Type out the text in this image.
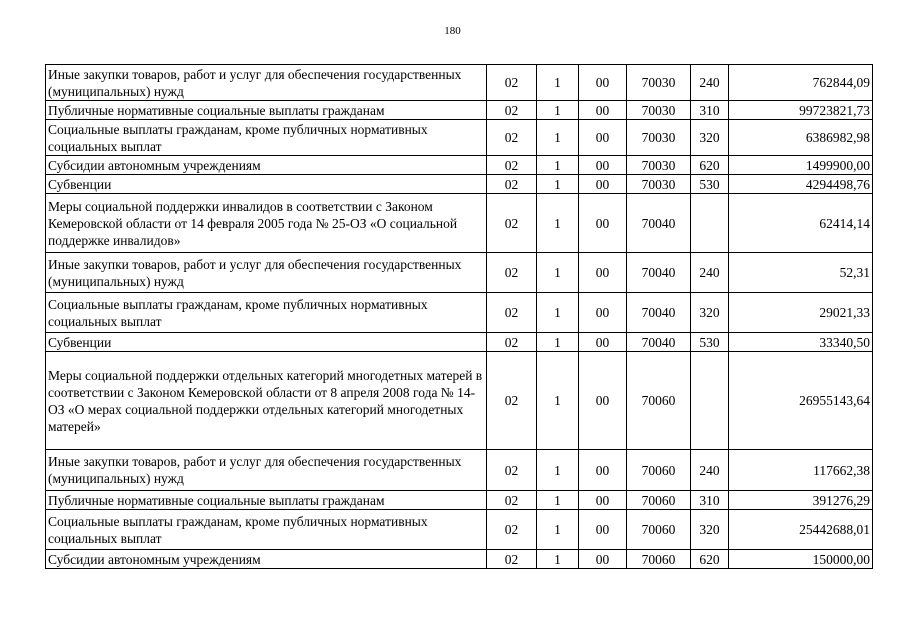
180
Иные закупки товаров, работ и услуг для обеспечения государственных (муниципальных) нужд	02	1	00	70030	240	762844,09
Публичные нормативные социальные выплаты гражданам	02	1	00	70030	310	99723821,73
Социальные выплаты гражданам, кроме публичных нормативных социальных выплат	02	1	00	70030	320	6386982,98
Субсидии автономным учреждениям	02	1	00	70030	620	1499900,00
Субвенции	02	1	00	70030	530	4294498,76
Меры социальной поддержки инвалидов в соответствии с Законом Кемеровской области от 14 февраля 2005 года № 25-ОЗ «О социальной поддержке инвалидов»	02	1	00	70040		62414,14
Иные закупки товаров, работ и услуг для обеспечения государственных (муниципальных) нужд	02	1	00	70040	240	52,31
Социальные выплаты гражданам, кроме публичных нормативных социальных выплат	02	1	00	70040	320	29021,33
Субвенции	02	1	00	70040	530	33340,50
Меры социальной поддержки отдельных категорий многодетных матерей в соответствии с Законом Кемеровской области от 8 апреля 2008 года № 14-ОЗ «О мерах социальной поддержки отдельных категорий многодетных матерей»	02	1	00	70060		26955143,64
Иные закупки товаров, работ и услуг для обеспечения государственных (муниципальных) нужд	02	1	00	70060	240	117662,38
Публичные нормативные социальные выплаты гражданам	02	1	00	70060	310	391276,29
Социальные выплаты гражданам, кроме публичных нормативных социальных выплат	02	1	00	70060	320	25442688,01
Субсидии автономным учреждениям	02	1	00	70060	620	150000,00
